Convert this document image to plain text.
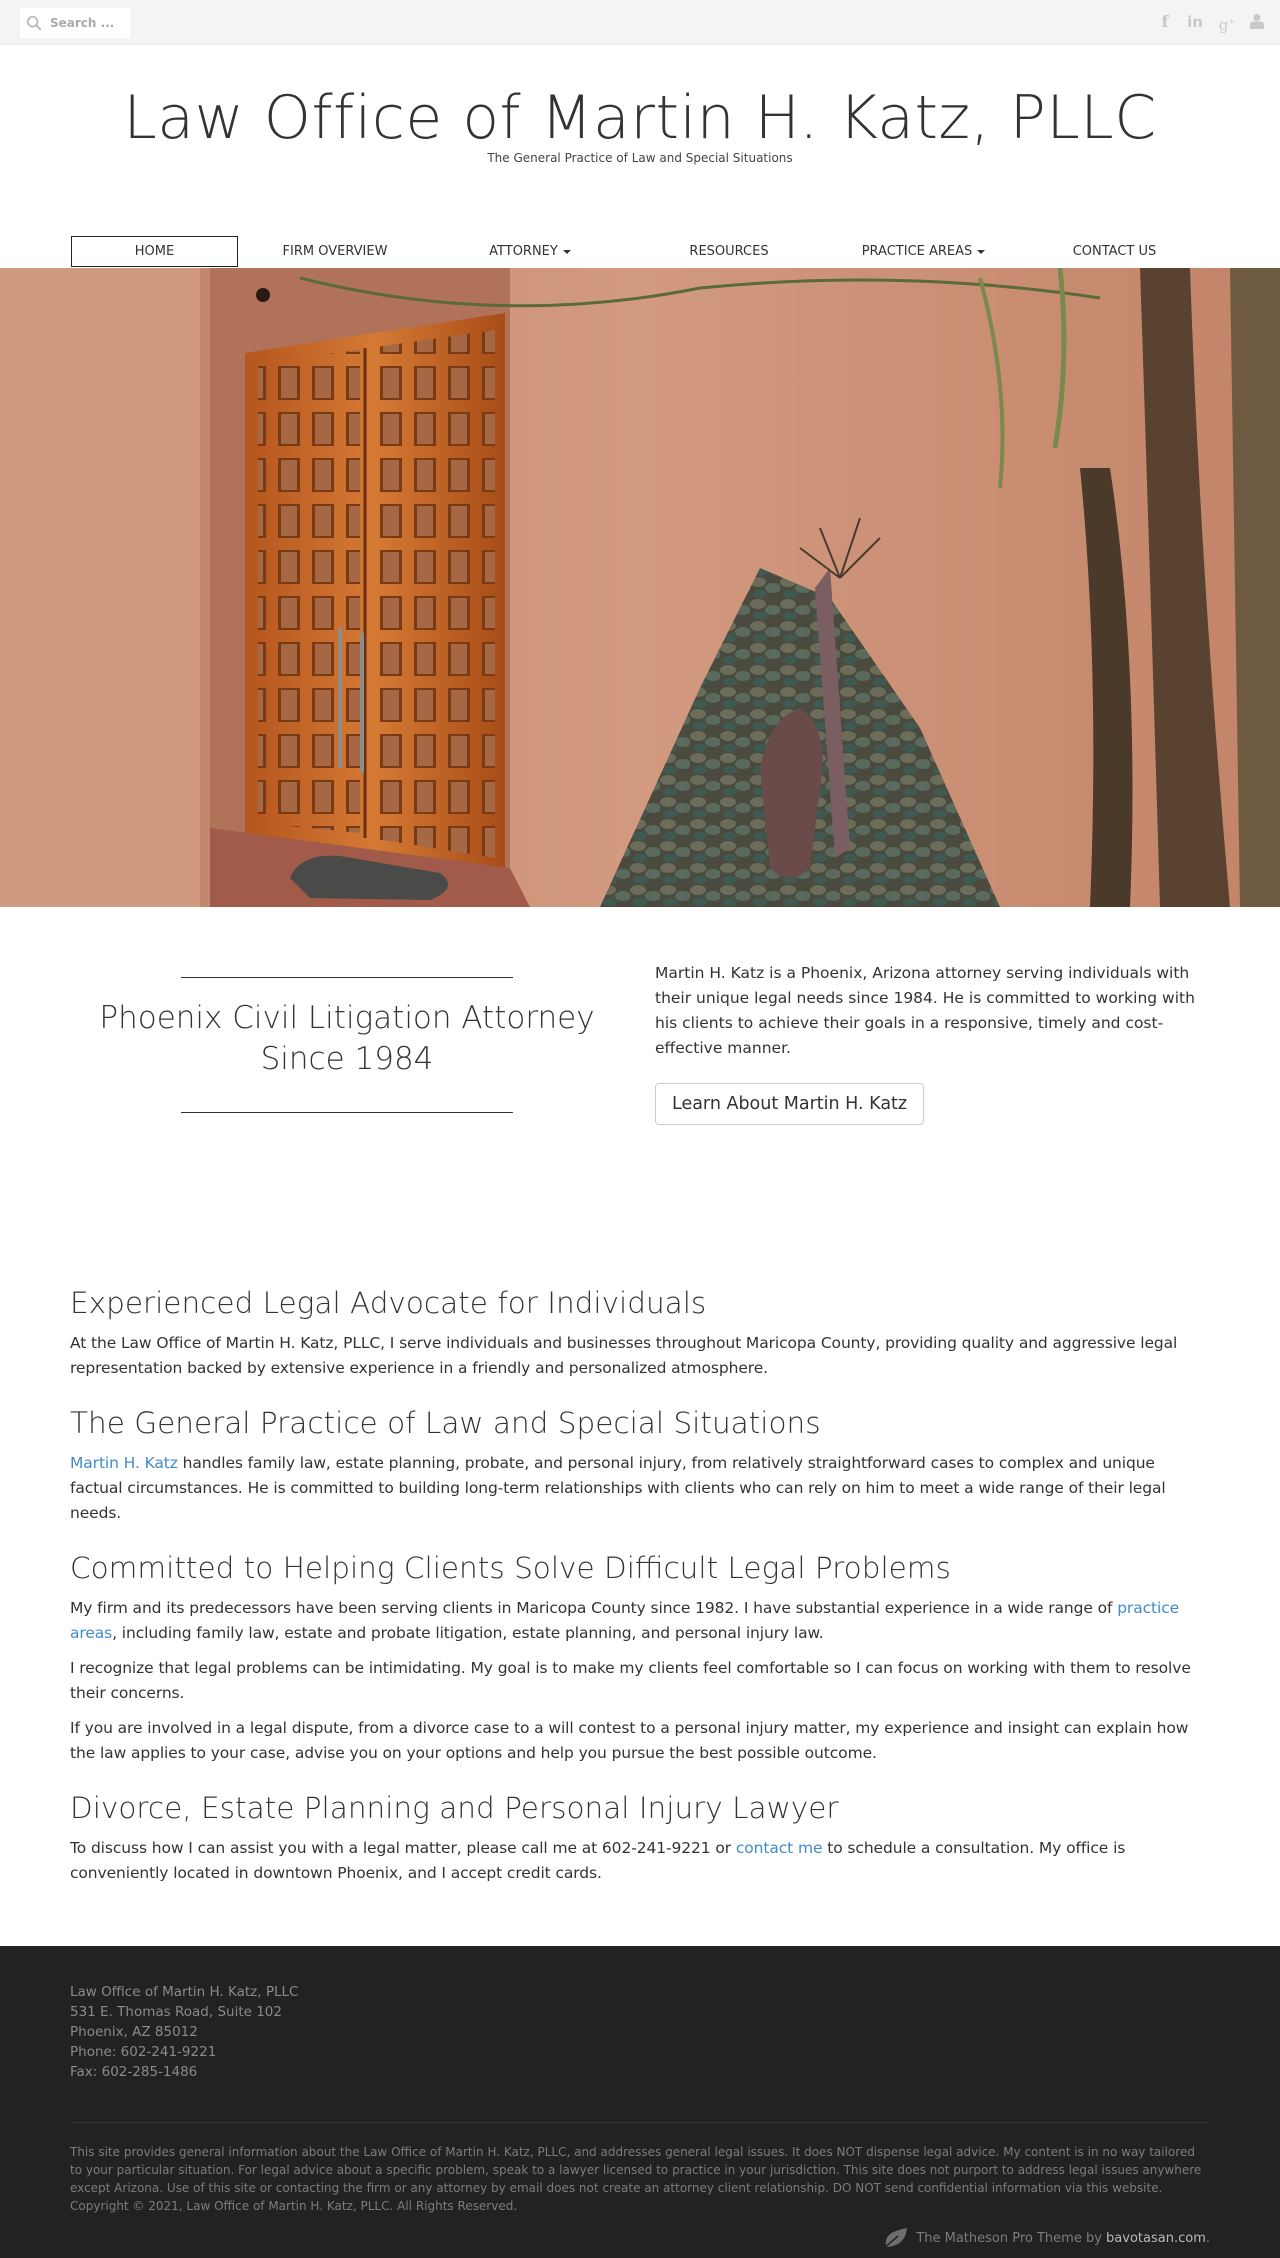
Search ...
f in g+
Law Office of Martin H. Katz, PLLC
The General Practice of Law and Special Situations
HOME	FIRM OVERVIEW	ATTORNEY	RESOURCES	PRACTICE AREAS	CONTACT US
Phoenix Civil Litigation Attorney Since 1984

Martin H. Katz is a Phoenix, Arizona attorney serving individuals with their unique legal needs since 1984. He is committed to working with his clients to achieve their goals in a responsive, timely and cost-effective manner.

Learn About Martin H. Katz
Experienced Legal Advocate for Individuals

At the Law Office of Martin H. Katz, PLLC, I serve individuals and businesses throughout Maricopa County, providing quality and aggressive legal representation backed by extensive experience in a friendly and personalized atmosphere.

The General Practice of Law and Special Situations

Martin H. Katz handles family law, estate planning, probate, and personal injury, from relatively straightforward cases to complex and unique factual circumstances. He is committed to building long-term relationships with clients who can rely on him to meet a wide range of their legal needs.

Committed to Helping Clients Solve Difficult Legal Problems

My firm and its predecessors have been serving clients in Maricopa County since 1982. I have substantial experience in a wide range of practice areas, including family law, estate and probate litigation, estate planning, and personal injury law.

I recognize that legal problems can be intimidating. My goal is to make my clients feel comfortable so I can focus on working with them to resolve their concerns.

If you are involved in a legal dispute, from a divorce case to a will contest to a personal injury matter, my experience and insight can explain how the law applies to your case, advise you on your options and help you pursue the best possible outcome.

Divorce, Estate Planning and Personal Injury Lawyer

To discuss how I can assist you with a legal matter, please call me at 602-241-9221 or contact me to schedule a consultation. My office is conveniently located in downtown Phoenix, and I accept credit cards.

Law Office of Martin H. Katz, PLLC
531 E. Thomas Road, Suite 102
Phoenix, AZ 85012
Phone: 602-241-9221
Fax: 602-285-1486
This site provides general information about the Law Office of Martin H. Katz, PLLC, and addresses general legal issues. It does NOT dispense legal advice. My content is in no way tailored to your particular situation. For legal advice about a specific problem, speak to a lawyer licensed to practice in your jurisdiction. This site does not purport to address legal issues anywhere except Arizona. Use of this site or contacting the firm or any attorney by email does not create an attorney client relationship. DO NOT send confidential information via this website.
Copyright © 2021, Law Office of Martin H. Katz, PLLC. All Rights Reserved.
The Matheson Pro Theme by bavotasan.com.
